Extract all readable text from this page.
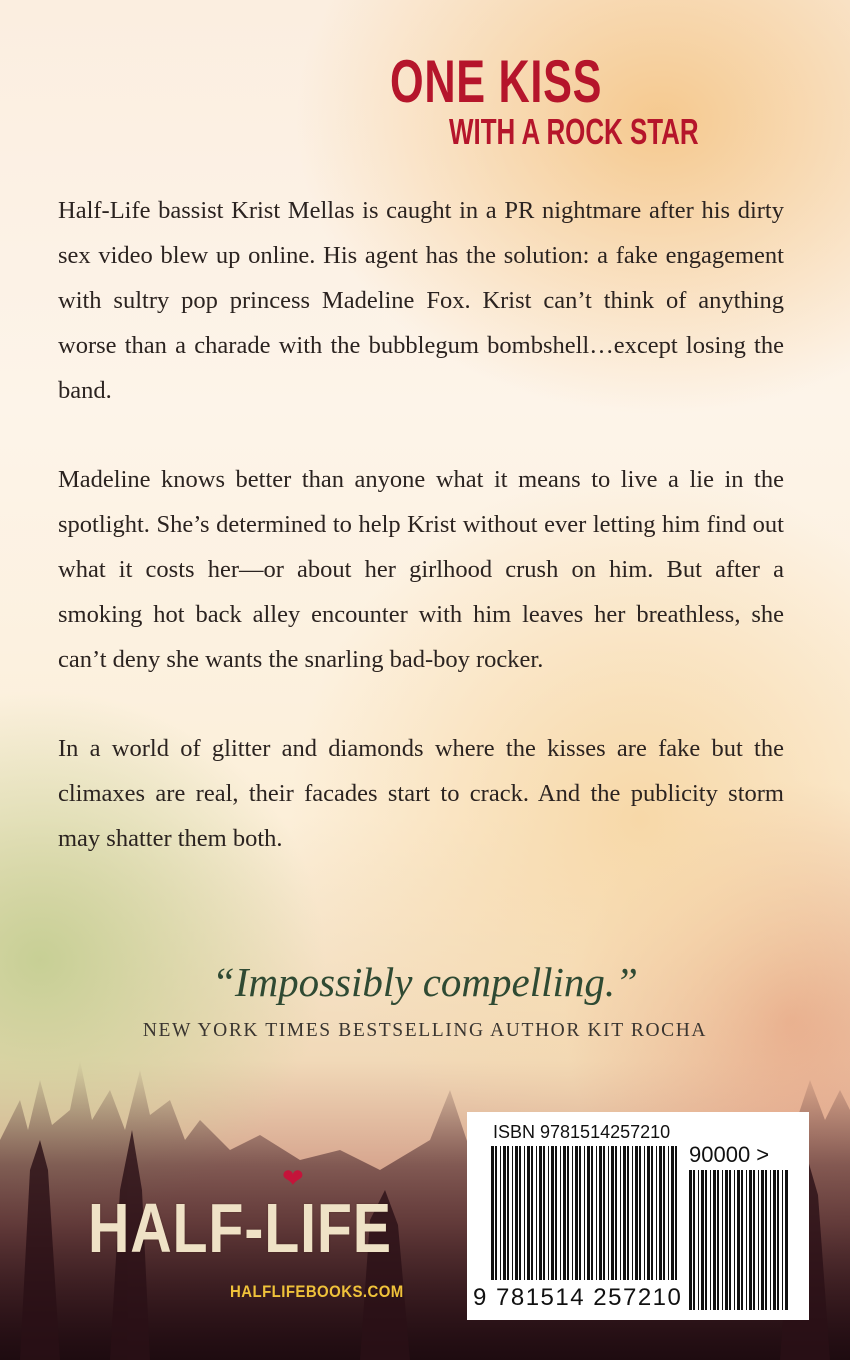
ONE KISS
WITH A ROCK STAR

Half-Life bassist Krist Mellas is caught in a PR nightmare after his dirty sex video blew up online. His agent has the solution: a fake engagement with sultry pop princess Madeline Fox. Krist can’t think of anything worse than a charade with the bubblegum bombshell…except losing the band.

Madeline knows better than anyone what it means to live a lie in the spotlight. She’s determined to help Krist without ever letting him find out what it costs her—or about her girlhood crush on him. But after a smoking hot back alley encounter with him leaves her breathless, she can’t deny she wants the snarling bad-boy rocker.

In a world of glitter and diamonds where the kisses are fake but the climaxes are real, their facades start to crack. And the publicity storm may shatter them both.

“Impossibly compelling.”
NEW YORK TIMES BESTSELLING AUTHOR KIT ROCHA
❤
HALF-LIFE
HALFLIFEBOOKS.COM
ISBN 9781514257210
90000 >
9 781514 257210
